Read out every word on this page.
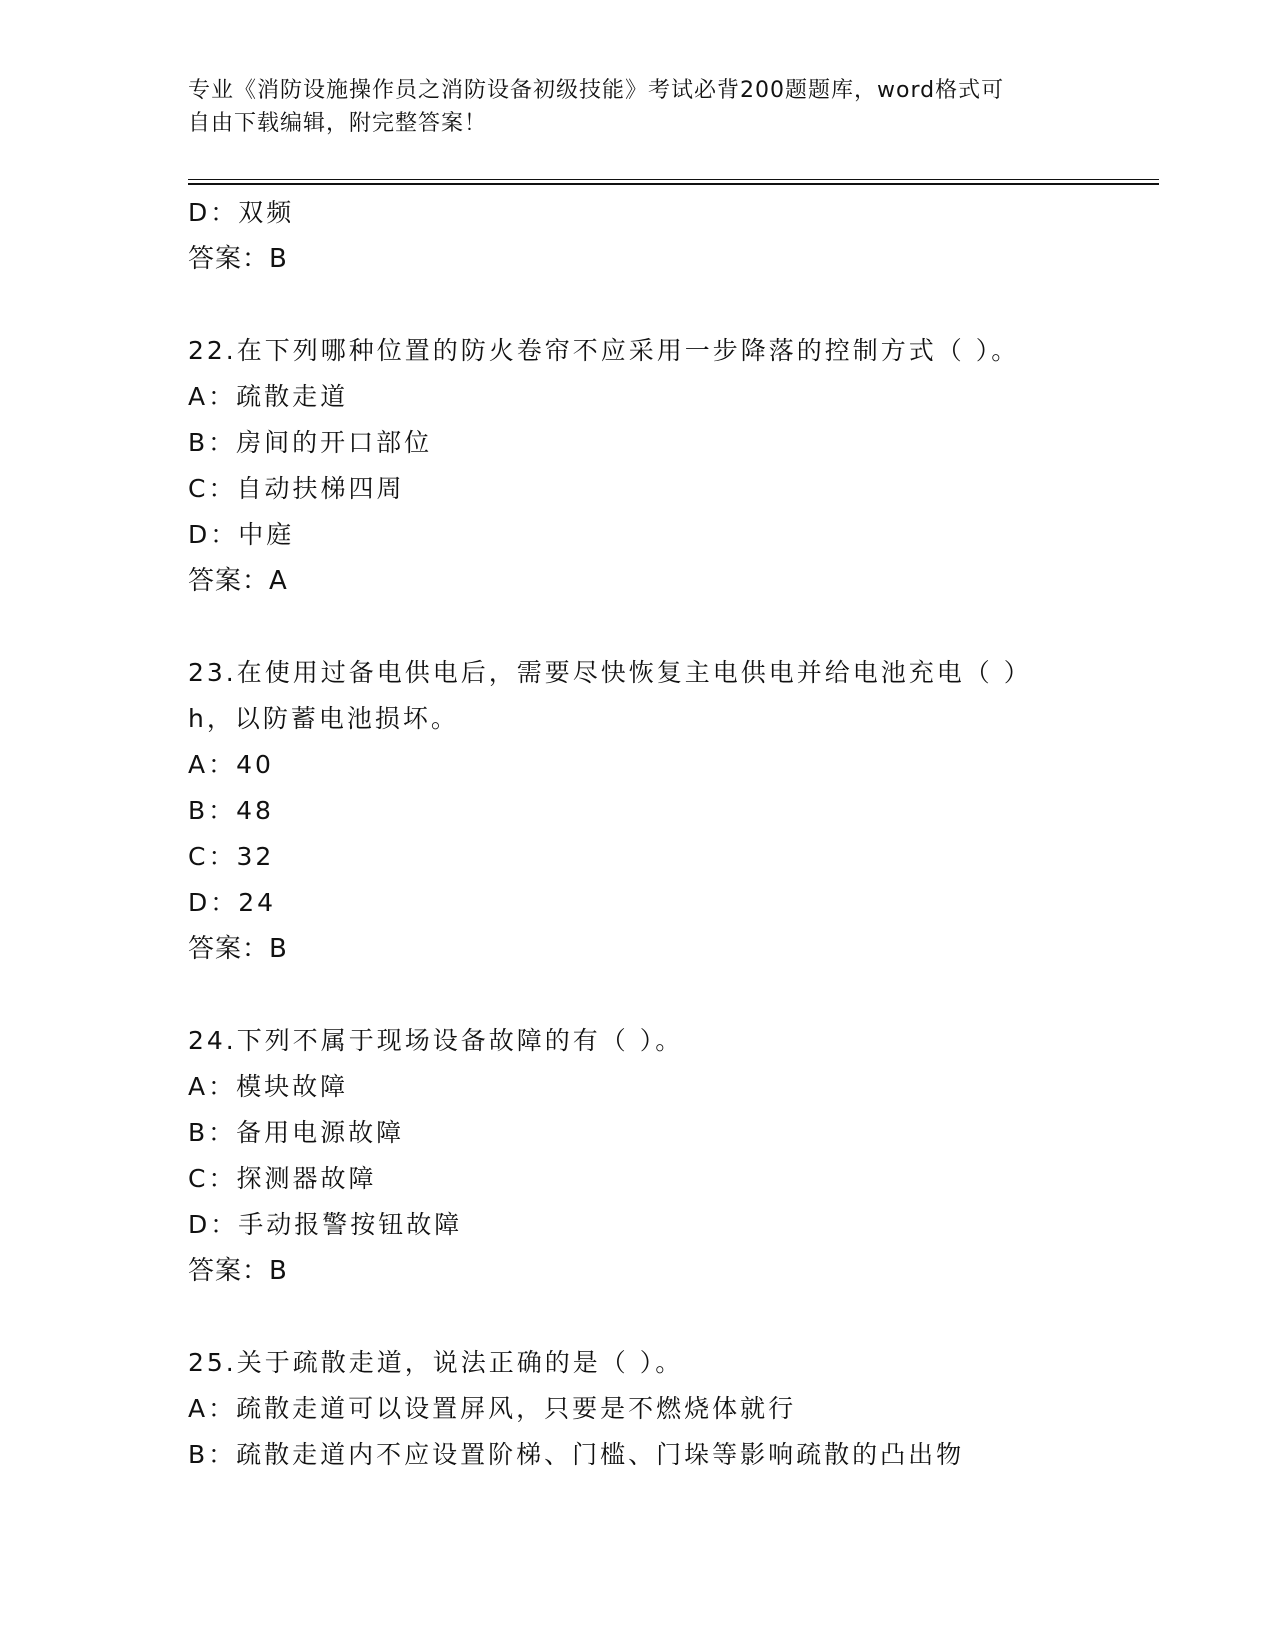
专业《消防设施操作员之消防设备初级技能》考试必背200题题库，word格式可
自由下载编辑，附完整答案！
D：双频
答案：B
22.在下列哪种位置的防火卷帘不应采用一步降落的控制方式（ ）。
A：疏散走道
B：房间的开口部位
C：自动扶梯四周
D：中庭
答案：A
23.在使用过备电供电后，需要尽快恢复主电供电并给电池充电（ ）
h，以防蓄电池损坏。
A：40
B：48
C：32
D：24
答案：B
24.下列不属于现场设备故障的有（ ）。
A：模块故障
B：备用电源故障
C：探测器故障
D：手动报警按钮故障
答案：B
25.关于疏散走道，说法正确的是（ ）。
A：疏散走道可以设置屏风，只要是不燃烧体就行
B：疏散走道内不应设置阶梯、门槛、门垛等影响疏散的凸出物
